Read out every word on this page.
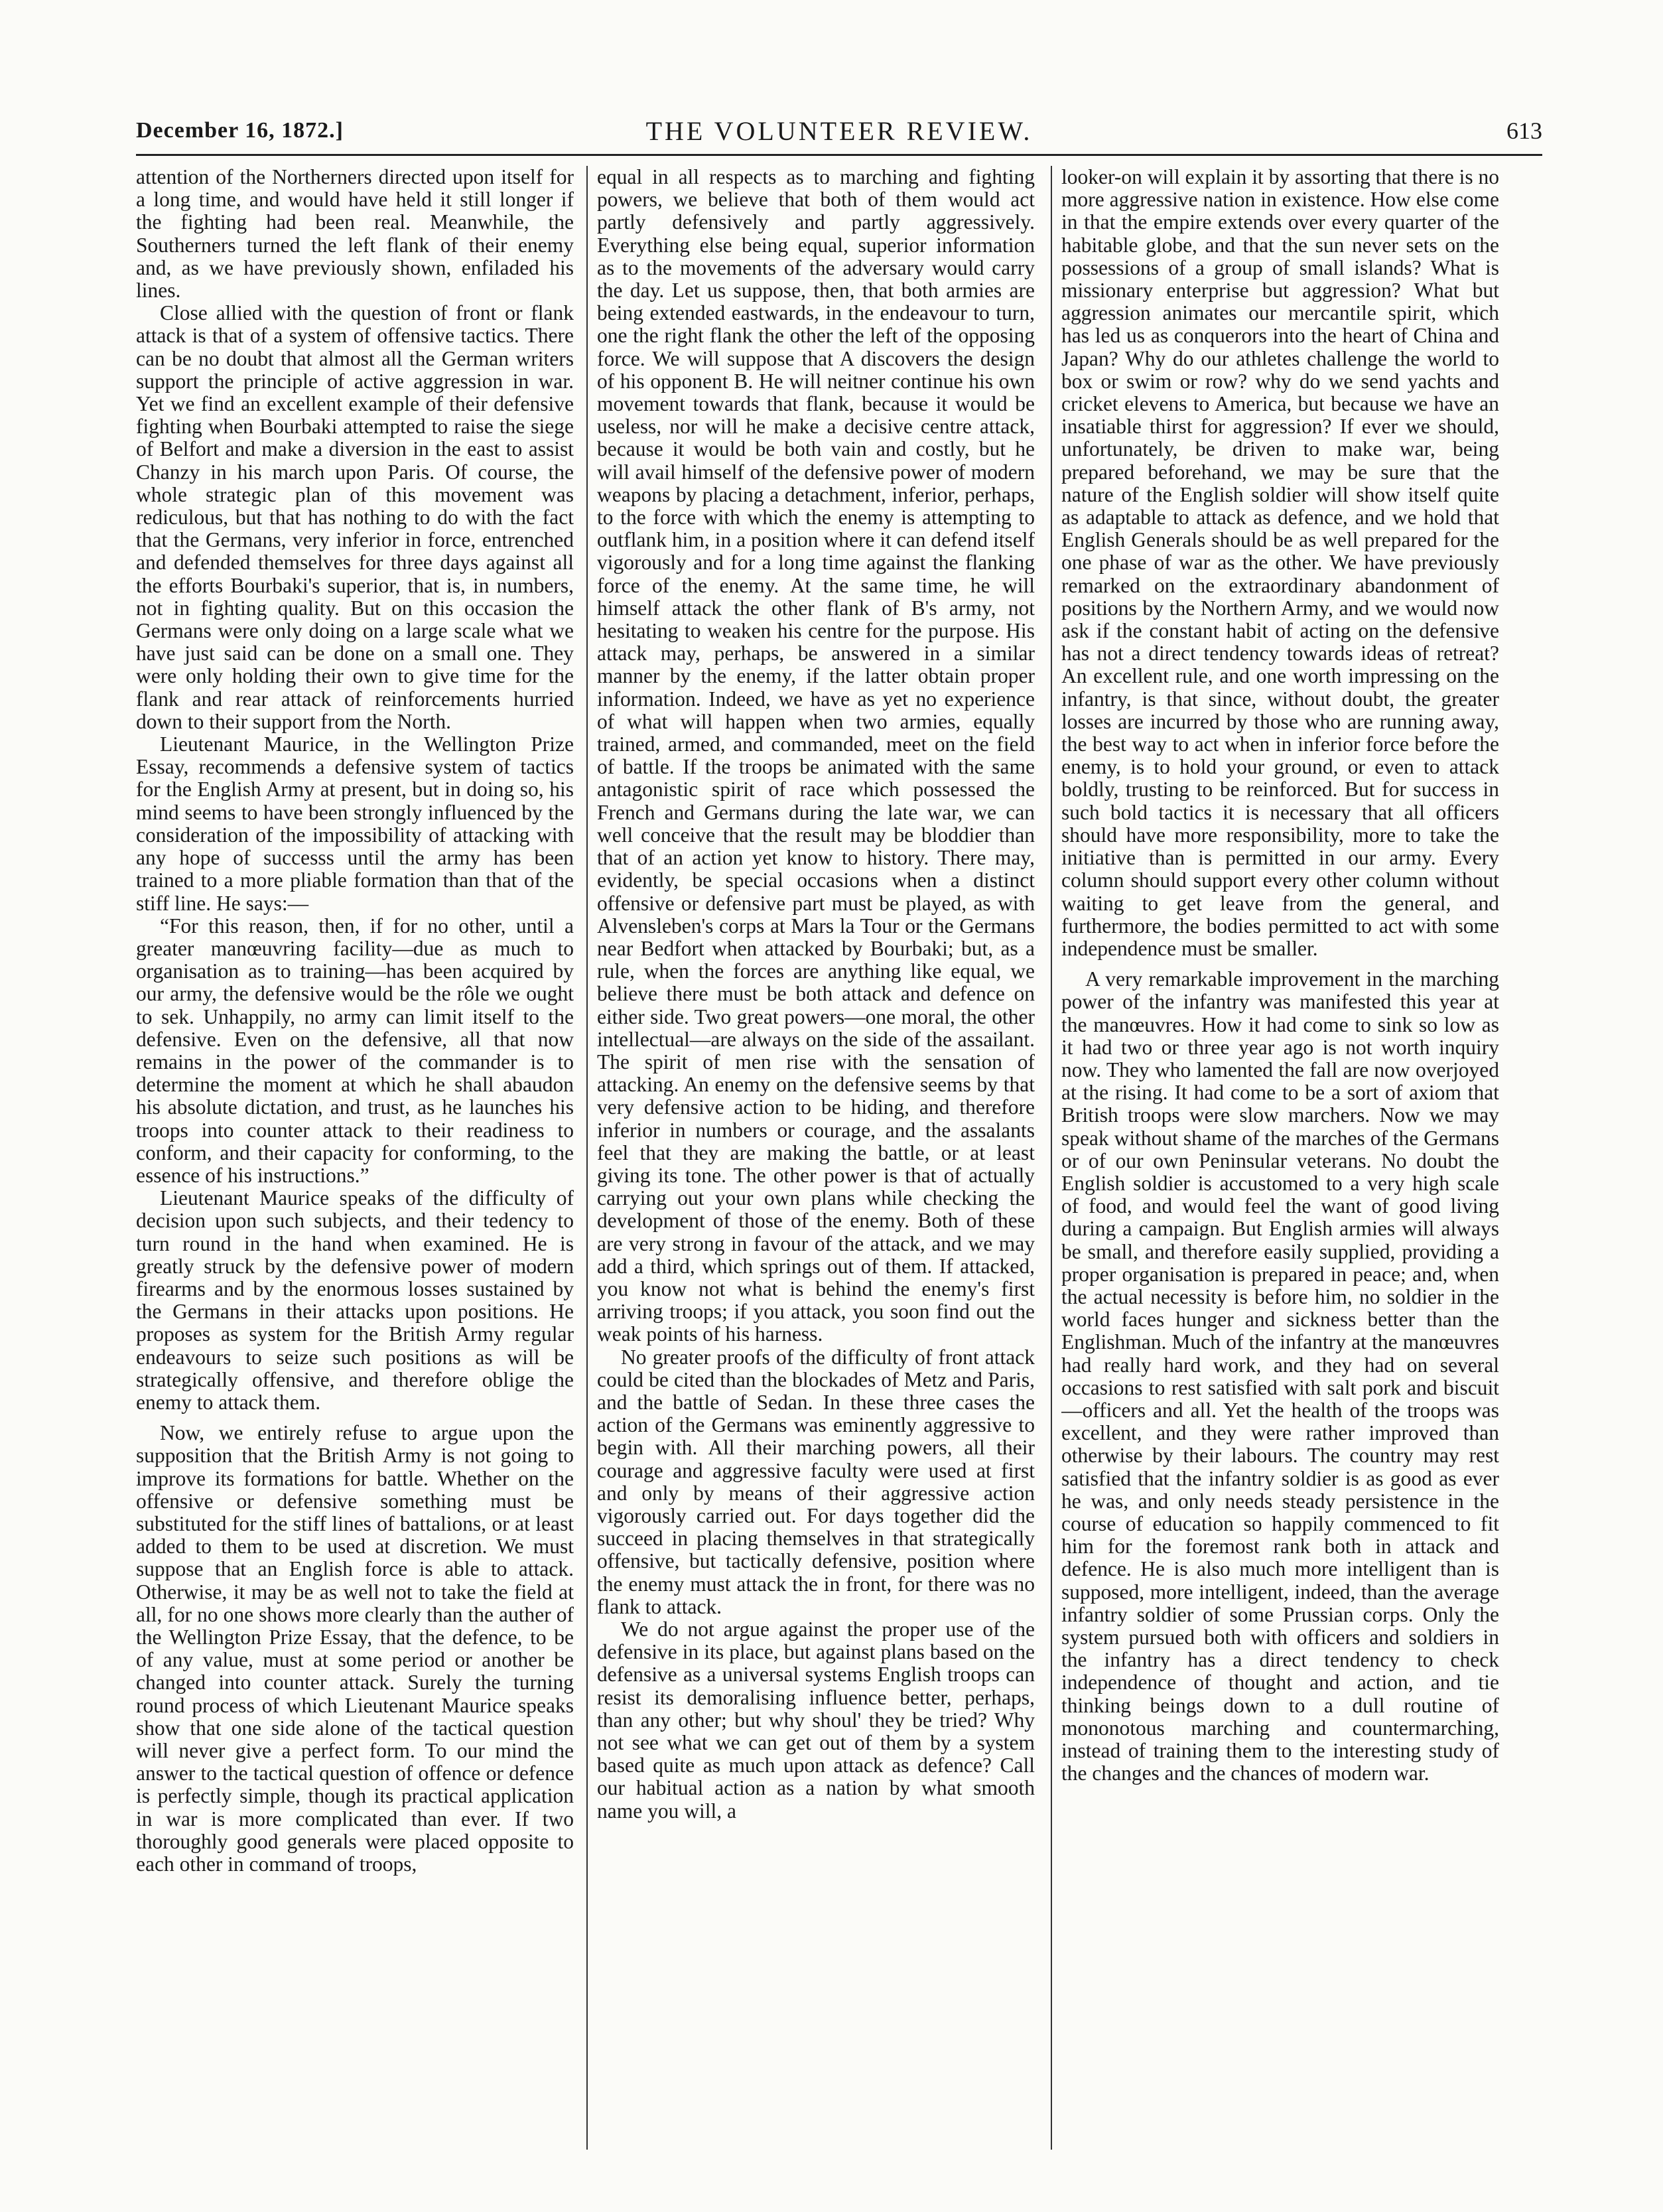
December 16, 1872.]	THE VOLUNTEER REVIEW.	613

attention of the Northerners directed upon itself for a long time, and would have held it still longer if the fighting had been real. Meanwhile, the Southerners turned the left flank of their enemy and, as we have previously shown, enfiladed his lines.

Close allied with the question of front or flank attack is that of a system of offensive tactics. There can be no doubt that almost all the German writers support the principle of active aggression in war. Yet we find an excellent example of their defensive fighting when Bourbaki attempted to raise the siege of Belfort and make a diversion in the east to assist Chanzy in his march upon Paris. Of course, the whole strategic plan of this movement was rediculous, but that has nothing to do with the fact that the Germans, very inferior in force, entrenched and defended themselves for three days against all the efforts Bourbaki's superior, that is, in numbers, not in fighting quality. But on this occasion the Germans were only doing on a large scale what we have just said can be done on a small one. They were only holding their own to give time for the flank and rear attack of reinforcements hurried down to their support from the North.

Lieutenant Maurice, in the Wellington Prize Essay, recommends a defensive system of tactics for the English Army at present, but in doing so, his mind seems to have been strongly influenced by the consideration of the impossibility of attacking with any hope of successs until the army has been trained to a more pliable formation than that of the stiff line. He says:—

“For this reason, then, if for no other, until a greater manœuvring facility—due as much to organisation as to training—has been acquired by our army, the defensive would be the rôle we ought to sek. Unhappily, no army can limit itself to the defensive. Even on the defensive, all that now remains in the power of the commander is to determine the moment at which he shall abaudon his absolute dictation, and trust, as he launches his troops into counter attack to their readiness to conform, and their capacity for conforming, to the essence of his instructions.”

Lieutenant Maurice speaks of the difficulty of decision upon such subjects, and their tedency to turn round in the hand when examined. He is greatly struck by the defensive power of modern firearms and by the enormous losses sustained by the Germans in their attacks upon positions. He proposes as system for the British Army regular endeavours to seize such positions as will be strategically offensive, and therefore oblige the enemy to attack them.

Now, we entirely refuse to argue upon the supposition that the British Army is not going to improve its formations for battle. Whether on the offensive or defensive something must be substituted for the stiff lines of battalions, or at least added to them to be used at discretion. We must suppose that an English force is able to attack. Otherwise, it may be as well not to take the field at all, for no one shows more clearly than the auther of the Wellington Prize Essay, that the defence, to be of any value, must at some period or another be changed into counter attack. Surely the turning round process of which Lieutenant Maurice speaks show that one side alone of the tactical question will never give a perfect form. To our mind the answer to the tactical question of offence or defence is perfectly simple, though its practical application in war is more complicated than ever. If two thoroughly good generals were placed opposite to each other in command of troops,

equal in all respects as to marching and fighting powers, we believe that both of them would act partly defensively and partly aggressively. Everything else being equal, superior information as to the movements of the adversary would carry the day. Let us suppose, then, that both armies are being extended eastwards, in the endeavour to turn, one the right flank the other the left of the opposing force. We will suppose that A discovers the design of his opponent B. He will neitner continue his own movement towards that flank, because it would be useless, nor will he make a decisive centre attack, because it would be both vain and costly, but he will avail himself of the defensive power of modern weapons by placing a detachment, inferior, perhaps, to the force with which the enemy is attempting to outflank him, in a position where it can defend itself vigorously and for a long time against the flanking force of the enemy. At the same time, he will himself attack the other flank of B's army, not hesitating to weaken his centre for the purpose. His attack may, perhaps, be answered in a similar manner by the enemy, if the latter obtain proper information. Indeed, we have as yet no experience of what will happen when two armies, equally trained, armed, and commanded, meet on the field of battle. If the troops be animated with the same antagonistic spirit of race which possessed the French and Germans during the late war, we can well conceive that the result may be bloddier than that of an action yet know to history. There may, evidently, be special occasions when a distinct offensive or defensive part must be played, as with Alvensleben's corps at Mars la Tour or the Germans near Bedfort when attacked by Bourbaki; but, as a rule, when the forces are anything like equal, we believe there must be both attack and defence on either side. Two great powers—one moral, the other intellectual—are always on the side of the assailant. The spirit of men rise with the sensation of attacking. An enemy on the defensive seems by that very defensive action to be hiding, and therefore inferior in numbers or courage, and the assalants feel that they are making the battle, or at least giving its tone. The other power is that of actually carrying out your own plans while checking the development of those of the enemy. Both of these are very strong in favour of the attack, and we may add a third, which springs out of them. If attacked, you know not what is behind the enemy's first arriving troops; if you attack, you soon find out the weak points of his harness.

No greater proofs of the difficulty of front attack could be cited than the blockades of Metz and Paris, and the battle of Sedan. In these three cases the action of the Germans was eminently aggressive to begin with. All their marching powers, all their courage and aggressive faculty were used at first and only by means of their aggressive action vigorously carried out. For days together did the succeed in placing themselves in that strategically offensive, but tactically defensive, position where the enemy must attack the in front, for there was no flank to attack.

We do not argue against the proper use of the defensive in its place, but against plans based on the defensive as a universal systems English troops can resist its demoralising influence better, perhaps, than any other; but why shoul' they be tried? Why not see what we can get out of them by a system based quite as much upon attack as defence? Call our habitual action as a nation by what smooth name you will, a

looker-on will explain it by assorting that there is no more aggressive nation in existence. How else come in that the empire extends over every quarter of the habitable globe, and that the sun never sets on the possessions of a group of small islands? What is missionary enterprise but aggression? What but aggression animates our mercantile spirit, which has led us as conquerors into the heart of China and Japan? Why do our athletes challenge the world to box or swim or row? why do we send yachts and cricket elevens to America, but because we have an insatiable thirst for aggression? If ever we should, unfortunately, be driven to make war, being prepared beforehand, we may be sure that the nature of the English soldier will show itself quite as adaptable to attack as defence, and we hold that English Generals should be as well prepared for the one phase of war as the other. We have previously remarked on the extraordinary abandonment of positions by the Northern Army, and we would now ask if the constant habit of acting on the defensive has not a direct tendency towards ideas of retreat? An excellent rule, and one worth impressing on the infantry, is that since, without doubt, the greater losses are incurred by those who are running away, the best way to act when in inferior force before the enemy, is to hold your ground, or even to attack boldly, trusting to be reinforced. But for success in such bold tactics it is necessary that all officers should have more responsibility, more to take the initiative than is permitted in our army. Every column should support every other column without waiting to get leave from the general, and furthermore, the bodies permitted to act with some independence must be smaller.

A very remarkable improvement in the marching power of the infantry was manifested this year at the manœuvres. How it had come to sink so low as it had two or three year ago is not worth inquiry now. They who lamented the fall are now overjoyed at the rising. It had come to be a sort of axiom that British troops were slow marchers. Now we may speak without shame of the marches of the Germans or of our own Peninsular veterans. No doubt the English soldier is accustomed to a very high scale of food, and would feel the want of good living during a campaign. But English armies will always be small, and therefore easily supplied, providing a proper organisation is prepared in peace; and, when the actual necessity is before him, no soldier in the world faces hunger and sickness better than the Englishman. Much of the infantry at the manœuvres had really hard work, and they had on several occasions to rest satisfied with salt pork and biscuit—officers and all. Yet the health of the troops was excellent, and they were rather improved than otherwise by their labours. The country may rest satisfied that the infantry soldier is as good as ever he was, and only needs steady persistence in the course of education so happily commenced to fit him for the foremost rank both in attack and defence. He is also much more intelligent than is supposed, more intelligent, indeed, than the average infantry soldier of some Prussian corps. Only the system pursued both with officers and soldiers in the infantry has a direct tendency to check independence of thought and action, and tie thinking beings down to a dull routine of mononotous marching and countermarching, instead of training them to the interesting study of the changes and the chances of modern war.
